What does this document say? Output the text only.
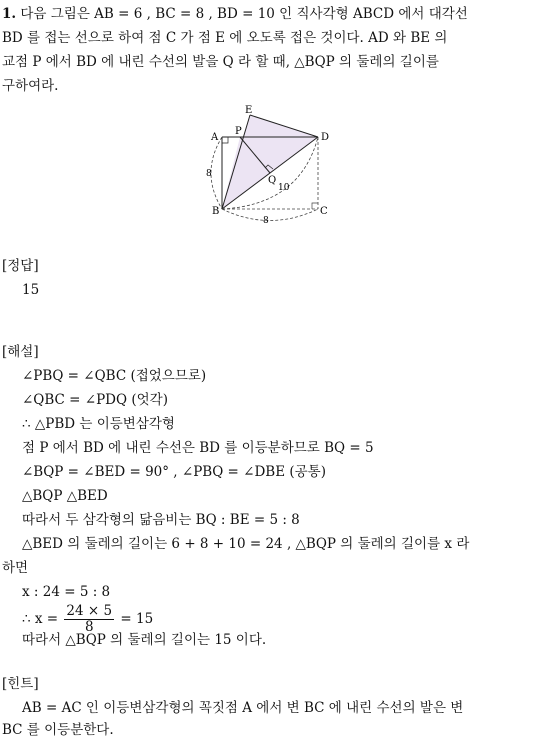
1. 다음 그림은 AB = 6 , BC = 8 , BD = 10 인 직사각형 ABCD 에서 대각선
BD 를 접는 선으로 하여 점 C 가 점 E 에 오도록 접은 것이다. AD 와 BE 의
교점 P 에서 BD 에 내린 수선의 발을 Q 라 할 때, △BQP 의 둘레의 길이를
구하여라.
A
B	C
D
E
P
Q
8
10
8
[정답]
15
[해설]
∠PBQ = ∠QBC (접었으므로)
∠QBC = ∠PDQ (엇각)
∴ △PBD 는 이등변삼각형
점 P 에서 BD 에 내린 수선은 BD 를 이등분하므로 BQ = 5
∠BQP = ∠BED = 90° , ∠PBQ = ∠DBE (공통)
△BQP △BED
따라서 두 삼각형의 닮음비는 BQ : BE = 5 : 8
△BED 의 둘레의 길이는 6 + 8 + 10 = 24 , △BQP 의 둘레의 길이를 x 라
하면
x : 24 = 5 : 8
∴ $x = \frac{24 \times 5}{8} = 15$
따라서 △BQP 의 둘레의 길이는 15 이다.
[힌트]
AB = AC 인 이등변삼각형의 꼭짓점 A 에서 변 BC 에 내린 수선의 발은 변
BC 를 이등분한다.
